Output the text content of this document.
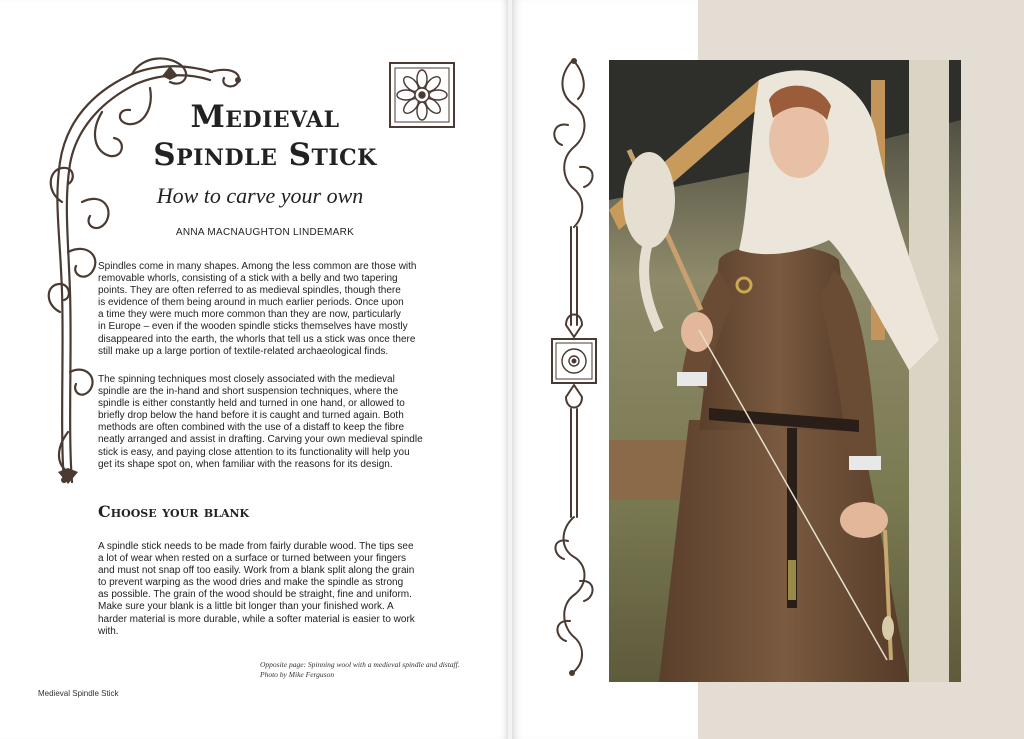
Medieval
Spindle Stick
How to carve your own
ANNA MACNAUGHTON LINDEMARK

Spindles come in many shapes. Among the less common are those with
removable whorls, consisting of a stick with a belly and two tapering
points. They are often referred to as medieval spindles, though there
is evidence of them being around in much earlier periods. Once upon
a time they were much more common than they are now, particularly
in Europe – even if the wooden spindle sticks themselves have mostly
disappeared into the earth, the whorls that tell us a stick was once there
still make up a large portion of textile-related archaeological finds.

The spinning techniques most closely associated with the medieval
spindle are the in-hand and short suspension techniques, where the
spindle is either constantly held and turned in one hand, or allowed to
briefly drop below the hand before it is caught and turned again. Both
methods are often combined with the use of a distaff to keep the fibre
neatly arranged and assist in drafting. Carving your own medieval spindle
stick is easy, and paying close attention to its functionality will help you
get its shape spot on, when familiar with the reasons for its design.

Choose your blank

A spindle stick needs to be made from fairly durable wood. The tips see
a lot of wear when rested on a surface or turned between your fingers
and must not snap off too easily. Work from a blank split along the grain
to prevent warping as the wood dries and make the spindle as strong
as possible. The grain of the wood should be straight, fine and uniform.
Make sure your blank is a little bit longer than your finished work. A
harder material is more durable, while a softer material is easier to work
with.

Opposite page: Spinning wool with a medieval spindle and distaff.
Photo by Mike Ferguson
Medieval Spindle Stick
